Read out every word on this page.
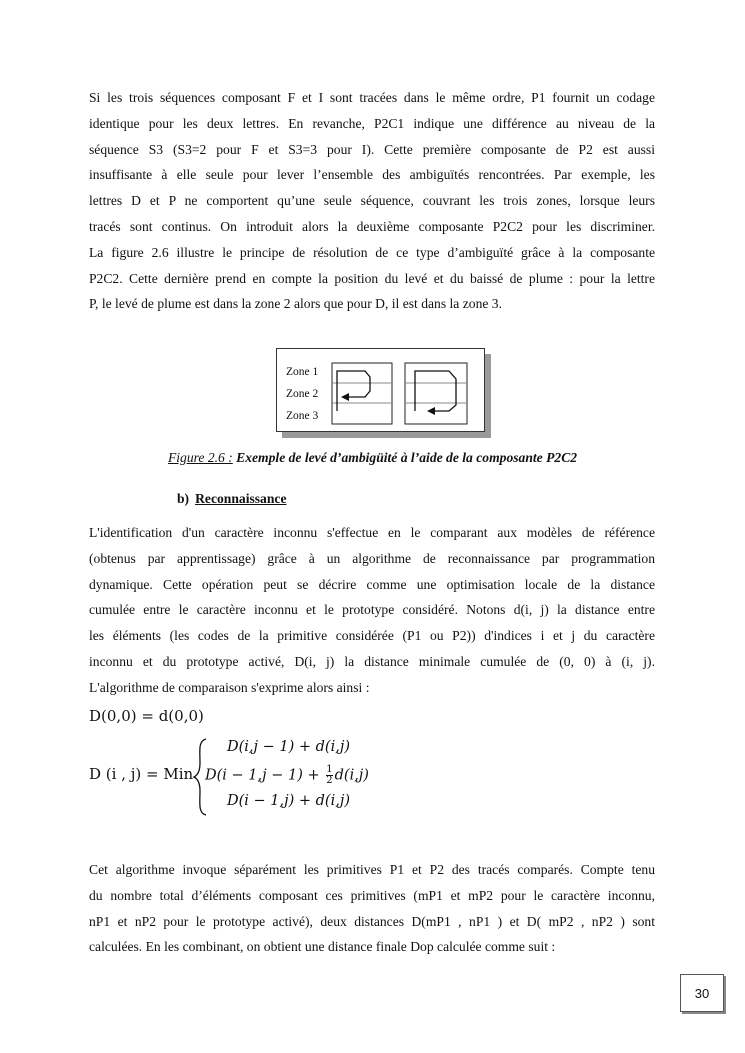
Si les trois séquences composant F et I sont tracées dans le même ordre, P1 fournit un codage
identique pour les deux lettres. En revanche, P2C1 indique une différence au niveau de la
séquence S3 (S3=2 pour F et S3=3 pour I). Cette première composante de P2 est aussi
insuffisante à elle seule pour lever l’ensemble des ambiguïtés rencontrées. Par exemple, les
lettres D et P ne comportent qu’une seule séquence, couvrant les trois zones, lorsque leurs
tracés sont continus. On introduit alors la deuxième composante P2C2 pour les discriminer.
La figure 2.6 illustre le principe de résolution de ce type d’ambiguïté grâce à la composante
P2C2. Cette dernière prend en compte la position du levé et du baissé de plume : pour la lettre
P, le levé de plume est dans la zone 2 alors que pour D, il est dans la zone 3.
Zone 1
Zone 2
Zone 3
Figure 2.6 : Exemple de levé d’ambigüité à l’aide de la composante P2C2
b) Reconnaissance
L'identification d'un caractère inconnu s'effectue en le comparant aux modèles de référence
(obtenus par apprentissage) grâce à un algorithme de reconnaissance par programmation
dynamique. Cette opération peut se décrire comme une optimisation locale de la distance
cumulée entre le caractère inconnu et le prototype considéré. Notons d(i, j) la distance entre
les éléments (les codes de la primitive considérée (P1 ou P2)) d'indices i et j du caractère
inconnu et du prototype activé, D(i, j) la distance minimale cumulée de (0, 0) à (i, j).
L'algorithme de comparaison s'exprime alors ainsi :
D(0,0) = d(0,0)
D (i , j) = Min
D(i,j − 1) + d(i,j)
$D(i - 1,j - 1) + \frac{1}{2} d(i,j)$
D(i − 1,j) + d(i,j)
Cet algorithme invoque séparément les primitives P1 et P2 des tracés comparés. Compte tenu
du nombre total d’éléments composant ces primitives (mP1 et mP2 pour le caractère inconnu,
nP1 et nP2 pour le prototype activé), deux distances D(mP1 , nP1 ) et D( mP2 , nP2 ) sont
calculées. En les combinant, on obtient une distance finale Dop calculée comme suit :
30
